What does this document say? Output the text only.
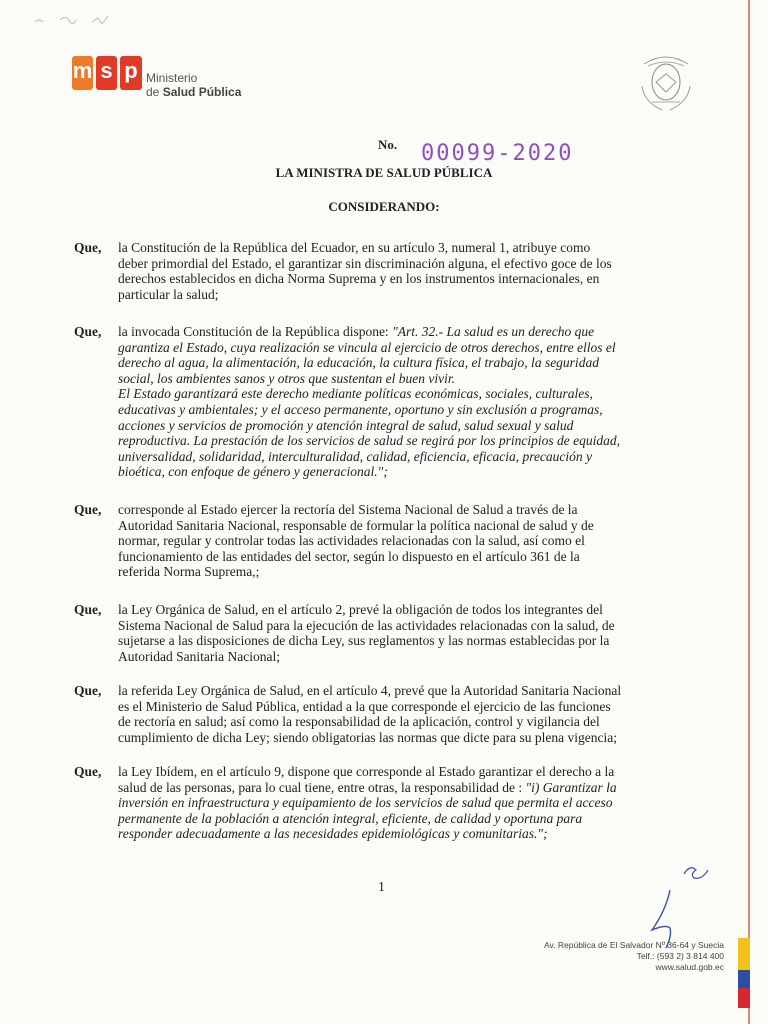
m s p Ministerio
de Salud Pública
No. 00099-2020
LA MINISTRA DE SALUD PÚBLICA
CONSIDERANDO:
Que, la Constitución de la República del Ecuador, en su artículo 3, numeral 1, atribuye como
deber primordial del Estado, el garantizar sin discriminación alguna, el efectivo goce de los
derechos establecidos en dicha Norma Suprema y en los instrumentos internacionales, en
particular la salud;
Que, la invocada Constitución de la República dispone: "Art. 32.- La salud es un derecho que
garantiza el Estado, cuya realización se vincula al ejercicio de otros derechos, entre ellos el
derecho al agua, la alimentación, la educación, la cultura física, el trabajo, la seguridad
social, los ambientes sanos y otros que sustentan el buen vivir.
El Estado garantizará este derecho mediante políticas económicas, sociales, culturales,
educativas y ambientales; y el acceso permanente, oportuno y sin exclusión a programas,
acciones y servicios de promoción y atención integral de salud, salud sexual y salud
reproductiva. La prestación de los servicios de salud se regirá por los principios de equidad,
universalidad, solidaridad, interculturalidad, calidad, eficiencia, eficacia, precaución y
bioética, con enfoque de género y generacional.";
Que, corresponde al Estado ejercer la rectoría del Sistema Nacional de Salud a través de la
Autoridad Sanitaria Nacional, responsable de formular la política nacional de salud y de
normar, regular y controlar todas las actividades relacionadas con la salud, así como el
funcionamiento de las entidades del sector, según lo dispuesto en el artículo 361 de la
referida Norma Suprema,;
Que, la Ley Orgánica de Salud, en el artículo 2, prevé la obligación de todos los integrantes del
Sistema Nacional de Salud para la ejecución de las actividades relacionadas con la salud, de
sujetarse a las disposiciones de dicha Ley, sus reglamentos y las normas establecidas por la
Autoridad Sanitaria Nacional;
Que, la referida Ley Orgánica de Salud, en el artículo 4, prevé que la Autoridad Sanitaria Nacional
es el Ministerio de Salud Pública, entidad a la que corresponde el ejercicio de las funciones
de rectoría en salud; así como la responsabilidad de la aplicación, control y vigilancia del
cumplimiento de dicha Ley; siendo obligatorias las normas que dicte para su plena vigencia;
Que, la Ley Ibídem, en el artículo 9, dispone que corresponde al Estado garantizar el derecho a la
salud de las personas, para lo cual tiene, entre otras, la responsabilidad de : "i) Garantizar la
inversión en infraestructura y equipamiento de los servicios de salud que permita el acceso
permanente de la población a atención integral, eficiente, de calidad y oportuna para
responder adecuadamente a las necesidades epidemiológicas y comunitarias.";
1
Av. República de El Salvador Nº 36-64 y Suecia
Telf.: (593 2) 3 814 400
www.salud.gob.ec
